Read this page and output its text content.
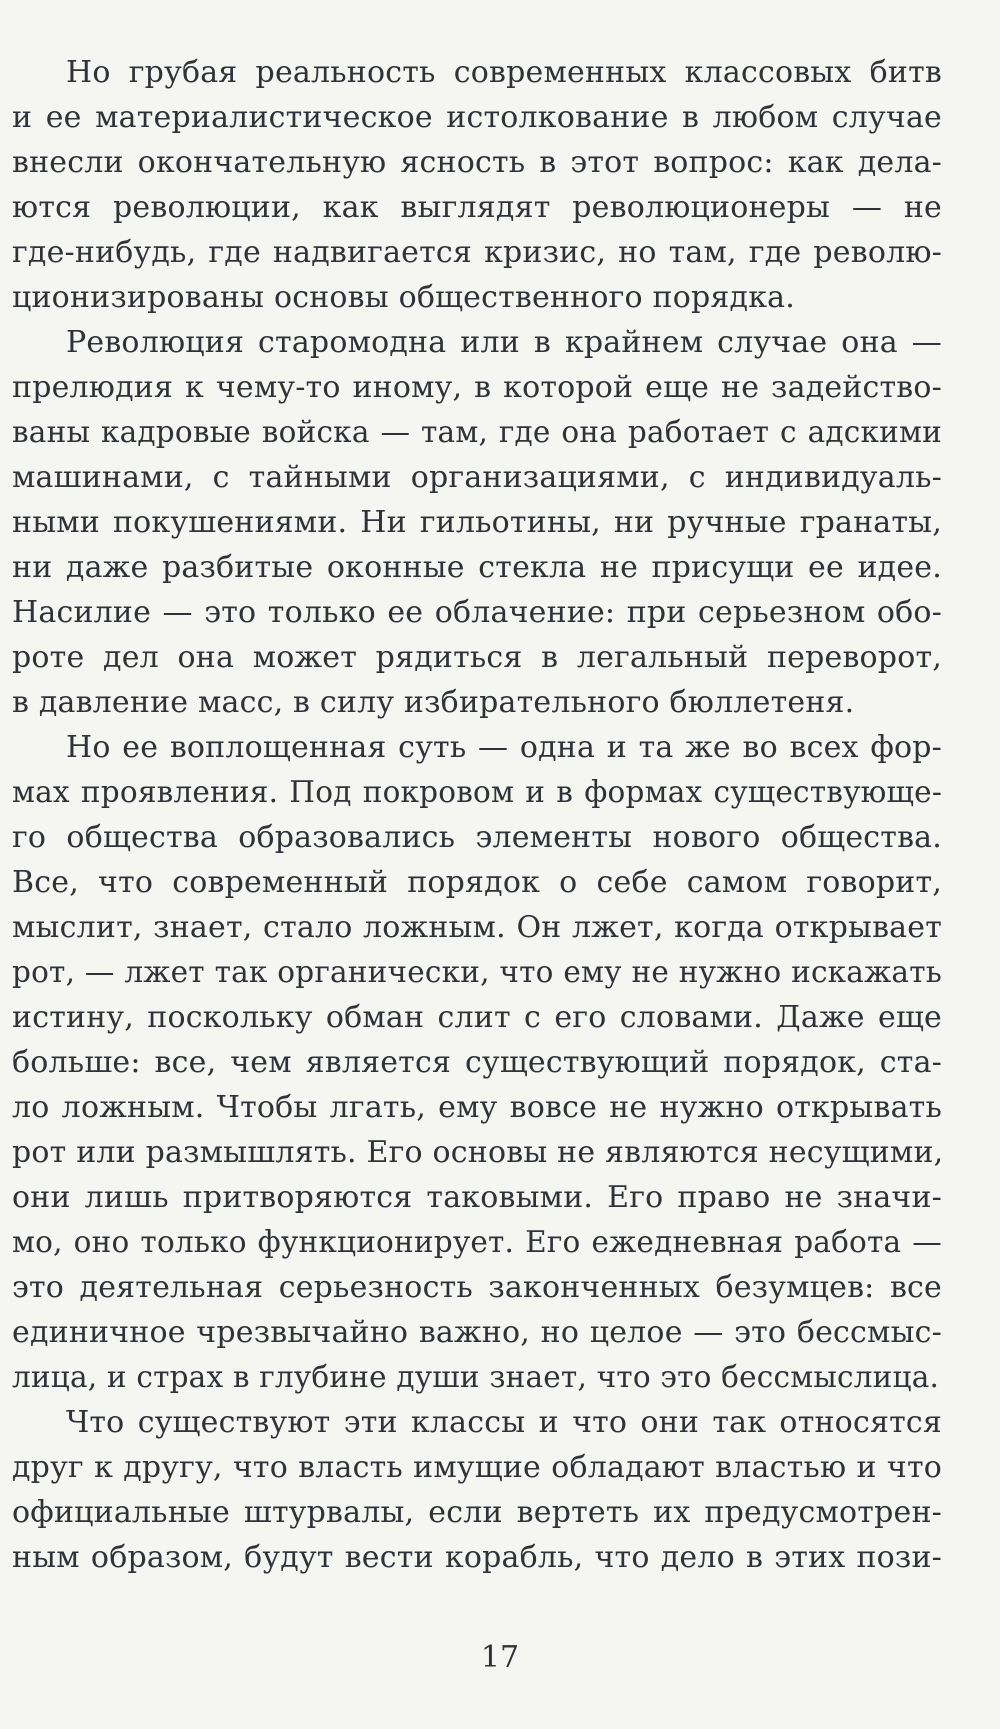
Но грубая реальность современных классовых битв
и ее материалистическое истолкование в любом случае
внесли окончательную ясность в этот вопрос: как дела-
ются революции, как выглядят революционеры — не
где-нибудь, где надвигается кризис, но там, где револю-
ционизированы основы общественного порядка.
Революция старомодна или в крайнем случае она —
прелюдия к чему-то иному, в которой еще не задейство-
ваны кадровые войска — там, где она работает с адскими
машинами, с тайными организациями, с индивидуаль-
ными покушениями. Ни гильотины, ни ручные гранаты,
ни даже разбитые оконные стекла не присущи ее идее.
Насилие — это только ее облачение: при серьезном обо-
роте дел она может рядиться в легальный переворот,
в давление масс, в силу избирательного бюллетеня.
Но ее воплощенная суть — одна и та же во всех фор-
мах проявления. Под покровом и в формах существующе-
го общества образовались элементы нового общества.
Все, что современный порядок о себе самом говорит,
мыслит, знает, стало ложным. Он лжет, когда открывает
рот, — лжет так органически, что ему не нужно искажать
истину, поскольку обман слит с его словами. Даже еще
больше: все, чем является существующий порядок, ста-
ло ложным. Чтобы лгать, ему вовсе не нужно открывать
рот или размышлять. Его основы не являются несущими,
они лишь притворяются таковыми. Его право не значи-
мо, оно только функционирует. Его ежедневная работа —
это деятельная серьезность законченных безумцев: все
единичное чрезвычайно важно, но целое — это бессмыс-
лица, и страх в глубине души знает, что это бессмыслица.
Что существуют эти классы и что они так относятся
друг к другу, что власть имущие обладают властью и что
официальные штурвалы, если вертеть их предусмотрен-
ным образом, будут вести корабль, что дело в этих пози-
17
